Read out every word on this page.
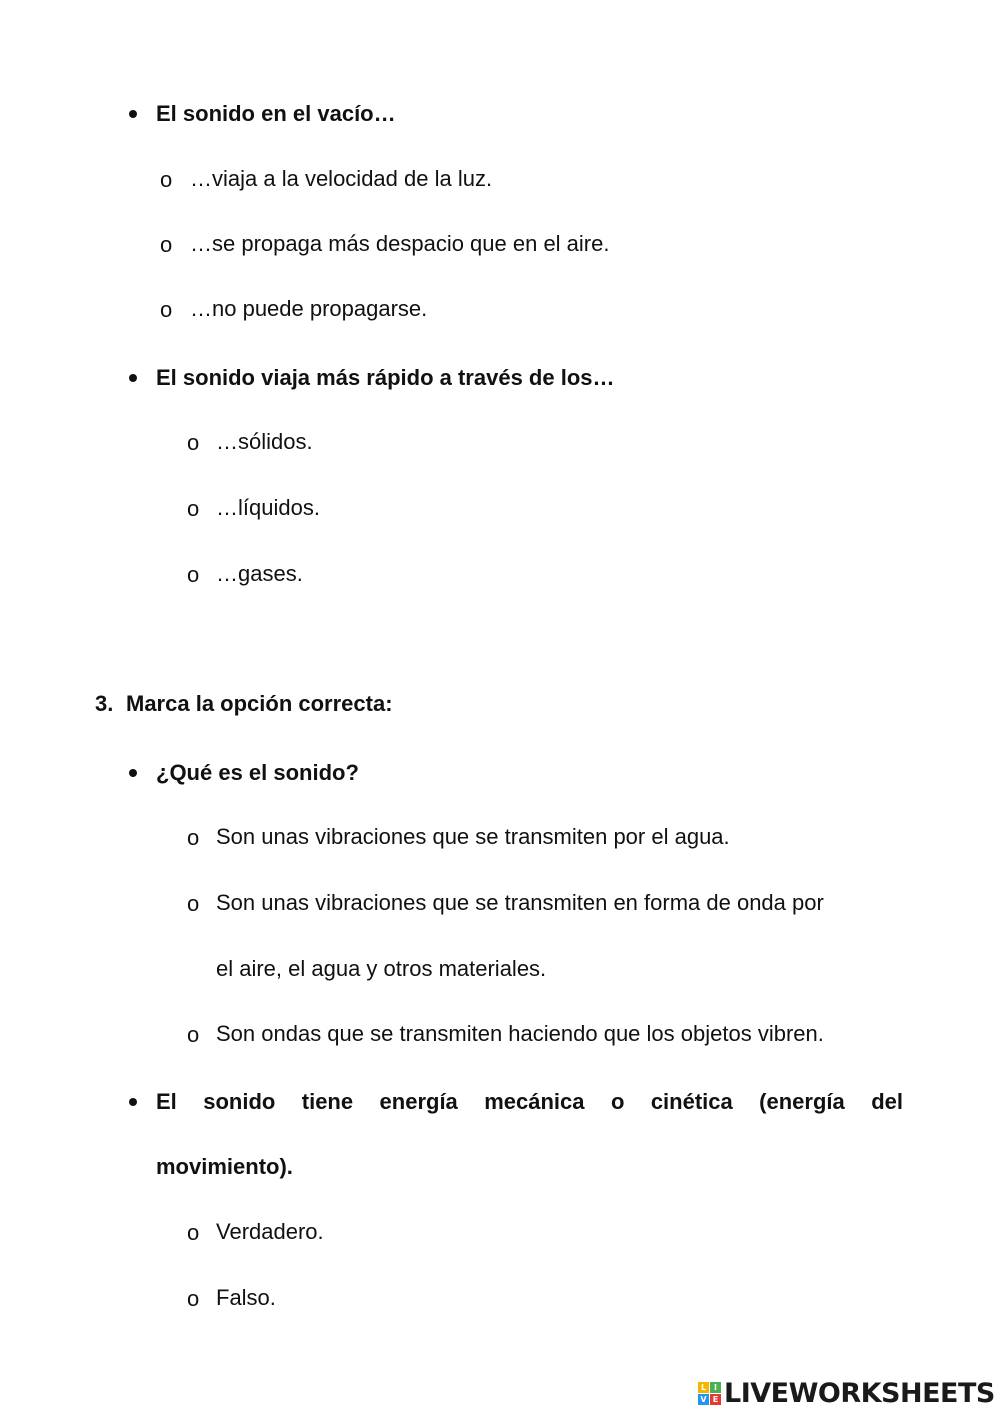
El sonido en el vacío…
o …viaja a la velocidad de la luz.
o …se propaga más despacio que en el aire.
o …no puede propagarse.
El sonido viaja más rápido a través de los…
o …sólidos.
o …líquidos.
o …gases.
3. Marca la opción correcta:
¿Qué es el sonido?
o Son unas vibraciones que se transmiten por el agua.
o Son unas vibraciones que se transmiten en forma de onda por
el aire, el agua y otros materiales.
o Son ondas que se transmiten haciendo que los objetos vibren.
El sonido tiene energía mecánica o cinética (energía del
movimiento).
o Verdadero.
o Falso.
L I
V E LIVEWORKSHEETS
